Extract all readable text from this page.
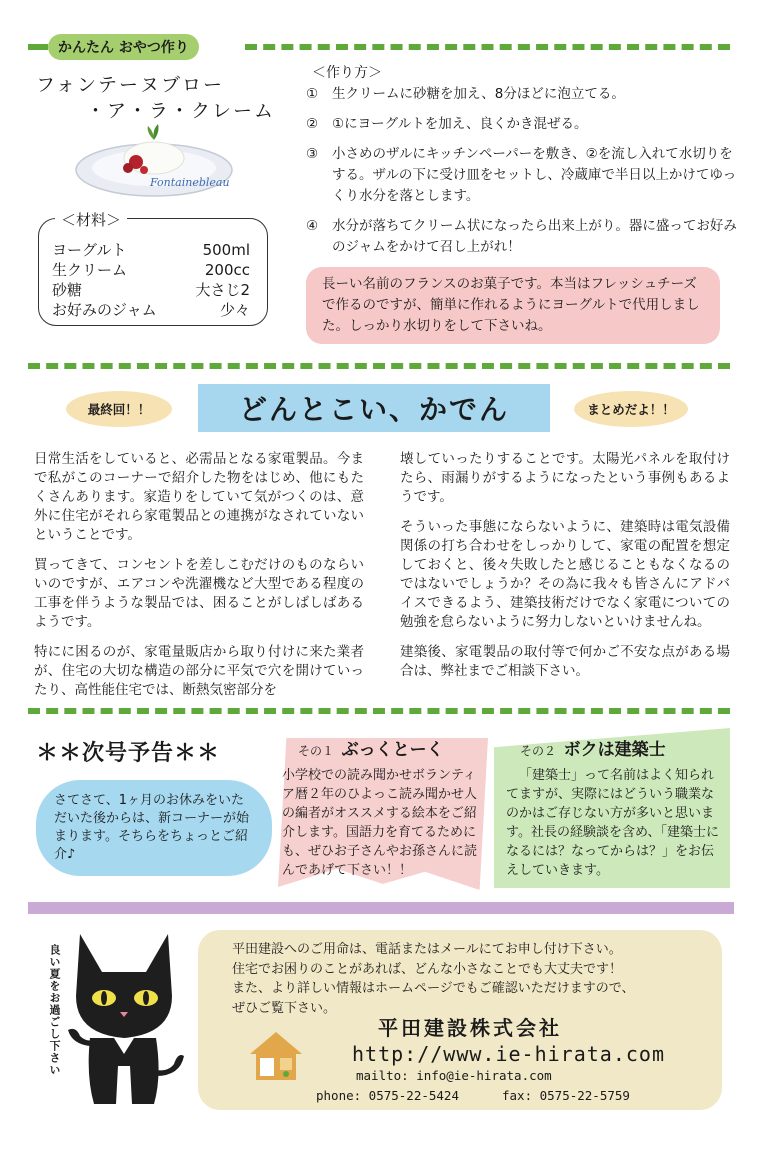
かんたん おやつ作り
フォンテーヌブロー
・ア・ラ・クレーム
Fontainebleau
＜材料＞
ヨーグルト	500ml
生クリーム	200cc
砂糖	大さじ2
お好みのジャム	少々
＜作り方＞
①	生クリームに砂糖を加え、8分ほどに泡立てる。
②	①にヨーグルトを加え、良くかき混ぜる。
③	小さめのザルにキッチンペーパーを敷き、②を流し入れて水切りをする。ザルの下に受け皿をセットし、冷蔵庫で半日以上かけてゆっくり水分を落とします。
④	水分が落ちてクリーム状になったら出来上がり。器に盛ってお好みのジャムをかけて召し上がれ！
長ーい名前のフランスのお菓子です。本当はフレッシュチーズで作るのですが、簡単に作れるようにヨーグルトで代用しました。しっかり水切りをして下さいね。
最終回！！	どんとこい、かでん	まとめだよ！！

日常生活をしていると、必需品となる家電製品。今まで私がこのコーナーで紹介した物をはじめ、他にもたくさんあります。家造りをしていて気がつくのは、意外に住宅がそれら家電製品との連携がなされていないということです。

買ってきて、コンセントを差しこむだけのものならいいのですが、エアコンや洗濯機など大型である程度の工事を伴うような製品では、困ることがしばしばあるようです。

特にに困るのが、家電量販店から取り付けに来た業者が、住宅の大切な構造の部分に平気で穴を開けていったり、高性能住宅では、断熱気密部分を

壊していったりすることです。太陽光パネルを取付けたら、雨漏りがするようになったという事例もあるようです。

そういった事態にならないように、建築時は電気設備関係の打ち合わせをしっかりして、家電の配置を想定しておくと、後々失敗したと感じることもなくなるのではないでしょうか？その為に我々も皆さんにアドバイスできるよう、建築技術だけでなく家電についての勉強を怠らないように努力しないといけませんね。

建築後、家電製品の取付等で何かご不安な点がある場合は、弊社までご相談下さい。

＊＊次号予告＊＊
さてさて、1ヶ月のお休みをいただいた後からは、新コーナーが始まります。そちらをちょっとご紹介♪
その１ ぶっくとーく
小学校での読み聞かせボランティア暦２年のひよっこ読み聞かせ人の編者がオススメする絵本をご紹介します。国語力を育てるためにも、ぜひお子さんやお孫さんに読んであげて下さい！！
その２ ボクは建築士
「建築士」って名前はよく知られてますが、実際にはどういう職業なのかはご存じない方が多いと思います。社長の経験談を含め、「建築士になるには？なってからは？」をお伝えしていきます。
良い夏をお過ごし下さい	平田建設へのご用命は、電話またはメールにてお申し付け下さい。
住宅でお困りのことがあれば、どんな小さなことでも大丈夫です！
また、より詳しい情報はホームページでもご確認いただけますので、
ぜひご覧下さい。
平田建設株式会社
http://www.ie-hirata.com
mailto: info@ie-hirata.com
phone: 0575-22-5424	fax: 0575-22-5759
